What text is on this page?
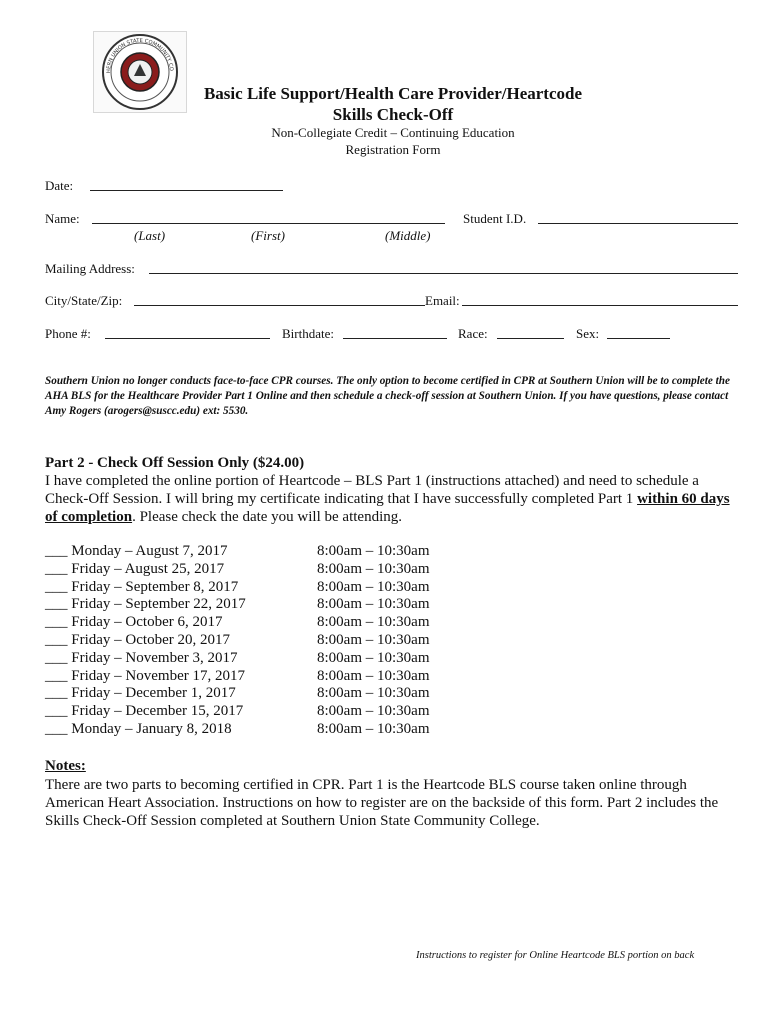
HERN UNION STATE COMMUNITY CO
Basic Life Support/Health Care Provider/Heartcode
Skills Check-Off
Non-Collegiate Credit – Continuing Education
Registration Form
Date:
Name:	Student I.D.
(Last)	(First)	(Middle)
Mailing Address:
City/State/Zip:	Email:
Phone #:	Birthdate:	Race:	Sex:
Southern Union no longer conducts face-to-face CPR courses. The only option to become certified in CPR at Southern Union will be to complete the AHA BLS for the Healthcare Provider Part 1 Online and then schedule a check-off session at Southern Union. If you have questions, please contact Amy Rogers (arogers@suscc.edu) ext: 5530.
Part 2 - Check Off Session Only ($24.00)
I have completed the online portion of Heartcode – BLS Part 1 (instructions attached) and need to schedule a Check-Off Session. I will bring my certificate indicating that I have successfully completed Part 1 within 60 days of completion. Please check the date you will be attending.
___ Monday – August 7, 2017	8:00am – 10:30am
___ Friday – August 25, 2017	8:00am – 10:30am
___ Friday – September 8, 2017	8:00am – 10:30am
___ Friday – September 22, 2017	8:00am – 10:30am
___ Friday – October 6, 2017	8:00am – 10:30am
___ Friday – October 20, 2017	8:00am – 10:30am
___ Friday – November 3, 2017	8:00am – 10:30am
___ Friday – November 17, 2017	8:00am – 10:30am
___ Friday – December 1, 2017	8:00am – 10:30am
___ Friday – December 15, 2017	8:00am – 10:30am
___ Monday – January 8, 2018	8:00am – 10:30am
Notes:
There are two parts to becoming certified in CPR. Part 1 is the Heartcode BLS course taken online through American Heart Association. Instructions on how to register are on the backside of this form. Part 2 includes the Skills Check-Off Session completed at Southern Union State Community College.
Instructions to register for Online Heartcode BLS portion on back
